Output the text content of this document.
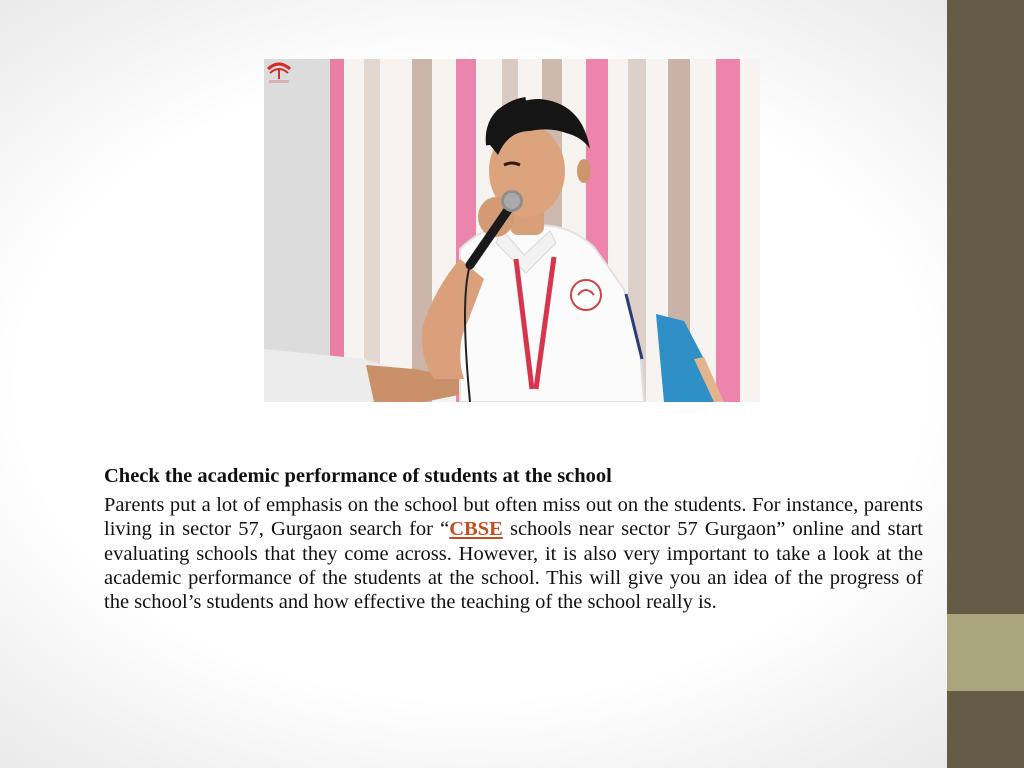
Check the academic performance of students at the school

Parents put a lot of emphasis on the school but often miss out on the students. For instance, parents living in sector 57, Gurgaon search for “CBSE schools near sector 57 Gurgaon” online and start evaluating schools that they come across. However, it is also very important to take a look at the academic performance of the students at the school. This will give you an idea of the progress of the school’s students and how effective the teaching of the school really is.
